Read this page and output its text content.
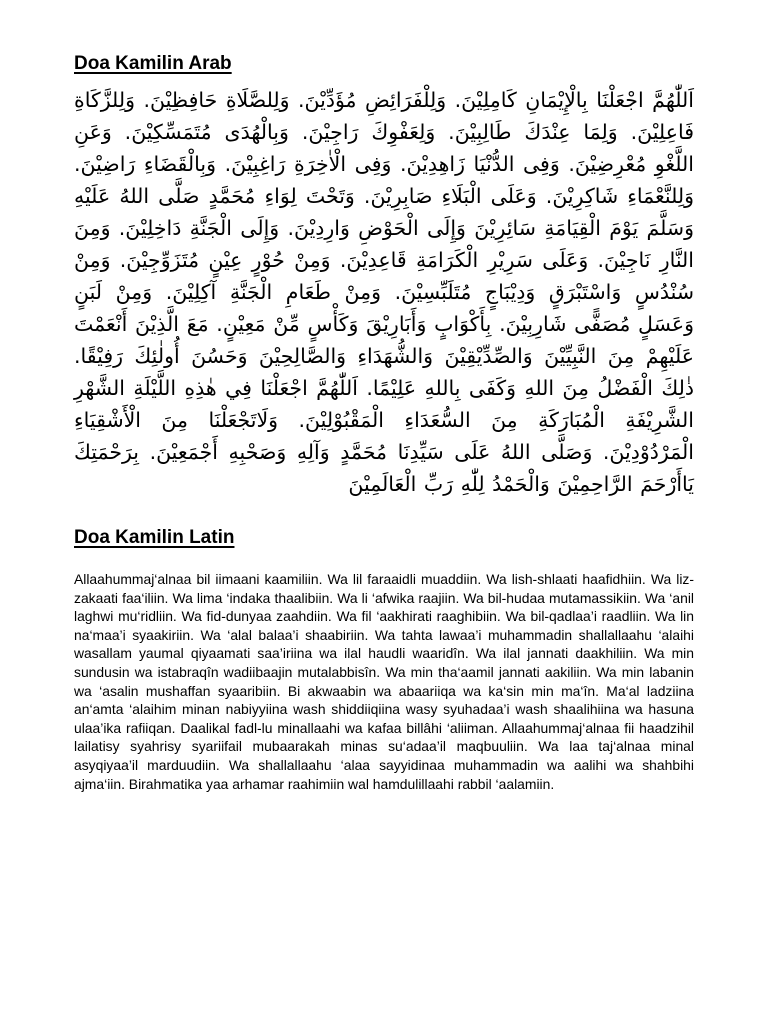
Doa Kamilin Arab
اَللّٰهُمَّ اجْعَلْنَا بِالْإِيْمَانِ كَامِلِيْنَ. وَلِلْفَرَائِضِ مُؤَدِّيْنَ. وَلِلصَّلَاةِ حَافِظِيْنَ. وَلِلزَّكَاةِ فَاعِلِيْنَ. وَلِمَا عِنْدَكَ طَالِبِيْنَ. وَلِعَفْوِكَ رَاجِيْنَ. وَبِالْهُدَى مُتَمَسِّكِيْنَ. وَعَنِ اللَّغْوِ مُعْرِضِيْنَ. وَفِى الدُّنْيَا زَاهِدِيْنَ. وَفِى الْاٰخِرَةِ رَاغِبِيْنَ. وَبِالْقَضَاءِ رَاضِيْنَ. وَلِلنَّعْمَاءِ شَاكِرِيْنَ. وَعَلَى الْبَلَاءِ صَابِرِيْنَ. وَتَحْتَ لِوَاءِ مُحَمَّدٍ صَلَّى اللهُ عَلَيْهِ وَسَلَّمَ يَوْمَ الْقِيَامَةِ سَائِرِيْنَ وَإِلَى الْحَوْضِ وَارِدِيْنَ. وَإِلَى الْجَنَّةِ دَاخِلِيْنَ. وَمِنَ النَّارِ نَاجِيْنَ. وَعَلَى سَرِيْرِ الْكَرَامَةِ قَاعِدِيْنَ. وَمِنْ حُوْرٍ عِيْنٍ مُتَزَوِّجِيْنَ. وَمِنْ سُنْدُسٍ وَاسْتَبْرَقٍ وَدِيْبَاجٍ مُتَلَبِّسِيْنَ. وَمِنْ طَعَامِ الْجَنَّةِ آكِلِيْنَ. وَمِنْ لَبَنٍ وَعَسَلٍ مُصَفًّى شَارِبِيْنَ. بِأَكْوَابٍ وَأَبَارِيْقَ وَكَأْسٍ مِّنْ مَعِيْنٍ. مَعَ الَّذِيْنَ أَنْعَمْتَ عَلَيْهِمْ مِنَ النَّبِيِّيْنَ وَالصِّدِّيْقِيْنَ وَالشُّهَدَاءِ وَالصَّالِحِيْنَ وَحَسُنَ أُولٰئِكَ رَفِيْقًا. ذٰلِكَ الْفَضْلُ مِنَ اللهِ وَكَفَى بِاللهِ عَلِيْمًا. اَللّٰهُمَّ اجْعَلْنَا فِي هٰذِهِ اللَّيْلَةِ الشَّهْرِ الشَّرِيْفَةِ الْمُبَارَكَةِ مِنَ السُّعَدَاءِ الْمَقْبُوْلِيْنَ. وَلَاتَجْعَلْنَا مِنَ الْأَشْقِيَاءِ الْمَرْدُوْدِيْنَ. وَصَلَّى اللهُ عَلَى سَيِّدِنَا مُحَمَّدٍ وَآلِهِ وَصَحْبِهِ أَجْمَعِيْنَ. بِرَحْمَتِكَ يَاأَرْحَمَ الرَّاحِمِيْنَ وَالْحَمْدُ لِلّٰهِ رَبِّ الْعَالَمِيْنَ
Doa Kamilin Latin
Allaahummaj‘alnaa bil iimaani kaamiliin. Wa lil faraaidli muaddiin. Wa lish-shlaati haafidhiin. Wa liz-zakaati faa‘iliin. Wa lima ‘indaka thaalibiin. Wa li ‘afwika raajiin. Wa bil-hudaa mutamassikiin. Wa ‘anil laghwi mu‘ridliin. Wa fid-dunyaa zaahdiin. Wa fil ‘aakhirati raaghibiin. Wa bil-qadlaa’i raadliin. Wa lin na‘maa’i syaakiriin. Wa ‘alal balaa’i shaabiriin. Wa tahta lawaa’i muhammadin shallallaahu ‘alaihi wasallam yaumal qiyaamati saa’iriina wa ilal haudli waaridîn. Wa ilal jannati daakhiliin. Wa min sundusin wa istabraqîn wadiibaajin mutalabbisîn. Wa min tha‘aamil jannati aakiliin. Wa min labanin wa ‘asalin mushaffan syaaribiin. Bi akwaabin wa abaariiqa wa ka‘sin min ma‘în. Ma‘al ladziina an‘amta ‘alaihim minan nabiyyiina wash shiddiiqiina wasy syuhadaa’i wash shaalihiina wa hasuna ulaa’ika rafiiqan. Daalikal fadl-lu minallaahi wa kafaa billâhi ‘aliiman. Allaahummaj‘alnaa fii haadzihil lailatisy syahrisy syariifail mubaarakah minas su‘adaa’il maqbuuliin. Wa laa taj‘alnaa minal asyqiyaa’il marduudiin. Wa shallallaahu ‘alaa sayyidinaa muhammadin wa aalihi wa shahbihi ajma‘iin. Birahmatika yaa arhamar raahimiin wal hamdulillaahi rabbil ‘aalamiin.
